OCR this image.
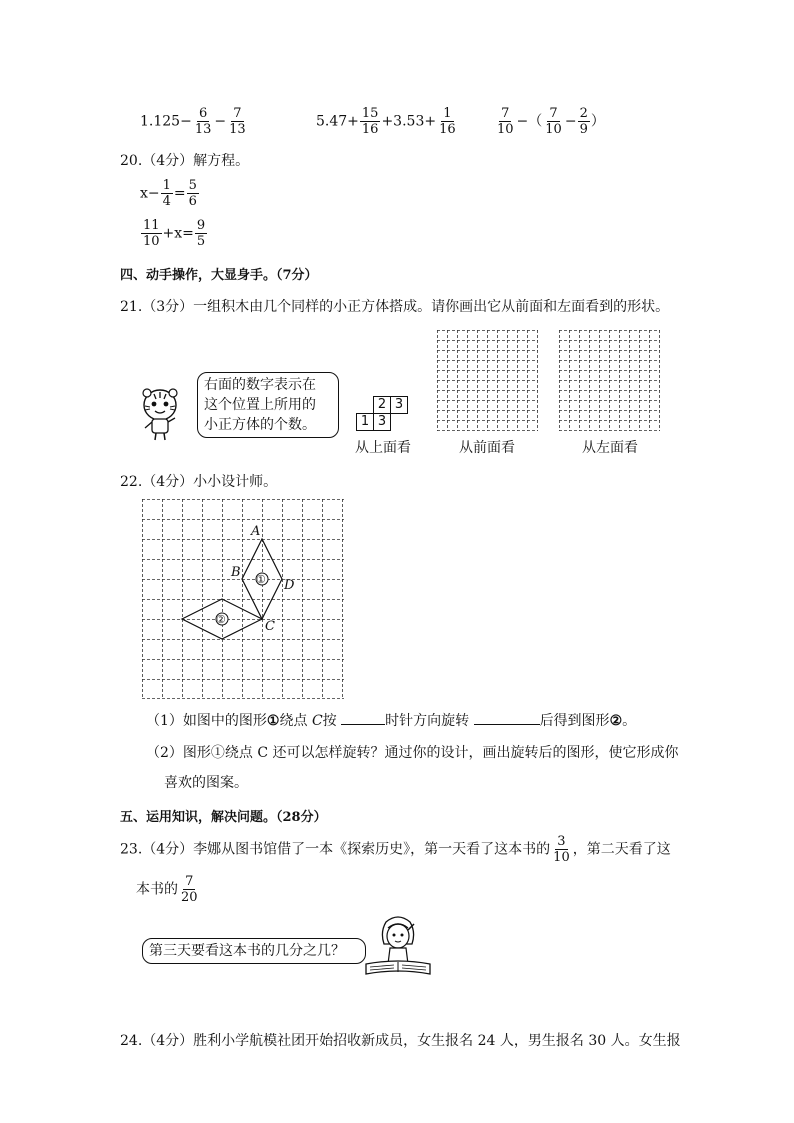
$1.125- \frac{6}{13} - \frac{7}{13}$	$5.47+ \frac{15}{16} +3.53+ \frac{1}{16}$	$\frac{7}{10}$ −（ $\frac{7}{10} - \frac{2}{9}$ ）
20.（4分）解方程。
$x- \frac{1}{4} = \frac{5}{6}$
$\frac{11}{10} +x= \frac{9}{5}$
四、动手操作，大显身手。（7分）
21.（3分）一组积木由几个同样的小正方体搭成。请你画出它从前面和左面看到的形状。
右面的数字表示在
这个位置上所用的
小正方体的个数。
2 3
1 3
从上面看	从前面看	从左面看
22.（4分）小小设计师。
①
②
A
B
D
C
（1）如图中的图形①绕点 C按	时针方向旋转	后得到图形②。
（2）图形①绕点 C 还可以怎样旋转？通过你的设计，画出旋转后的图形，使它形成你
喜欢的图案。
五、运用知识，解决问题。（28分）
23.（4分）李娜从图书馆借了一本《探索历史》，第一天看了这本书的 $\frac{3}{10}$ ，第二天看了这
本书的 $\frac{7}{20}$
第三天要看这本书的几分之几？
24.（4分）胜利小学航模社团开始招收新成员，女生报名 24 人，男生报名 30 人。女生报
